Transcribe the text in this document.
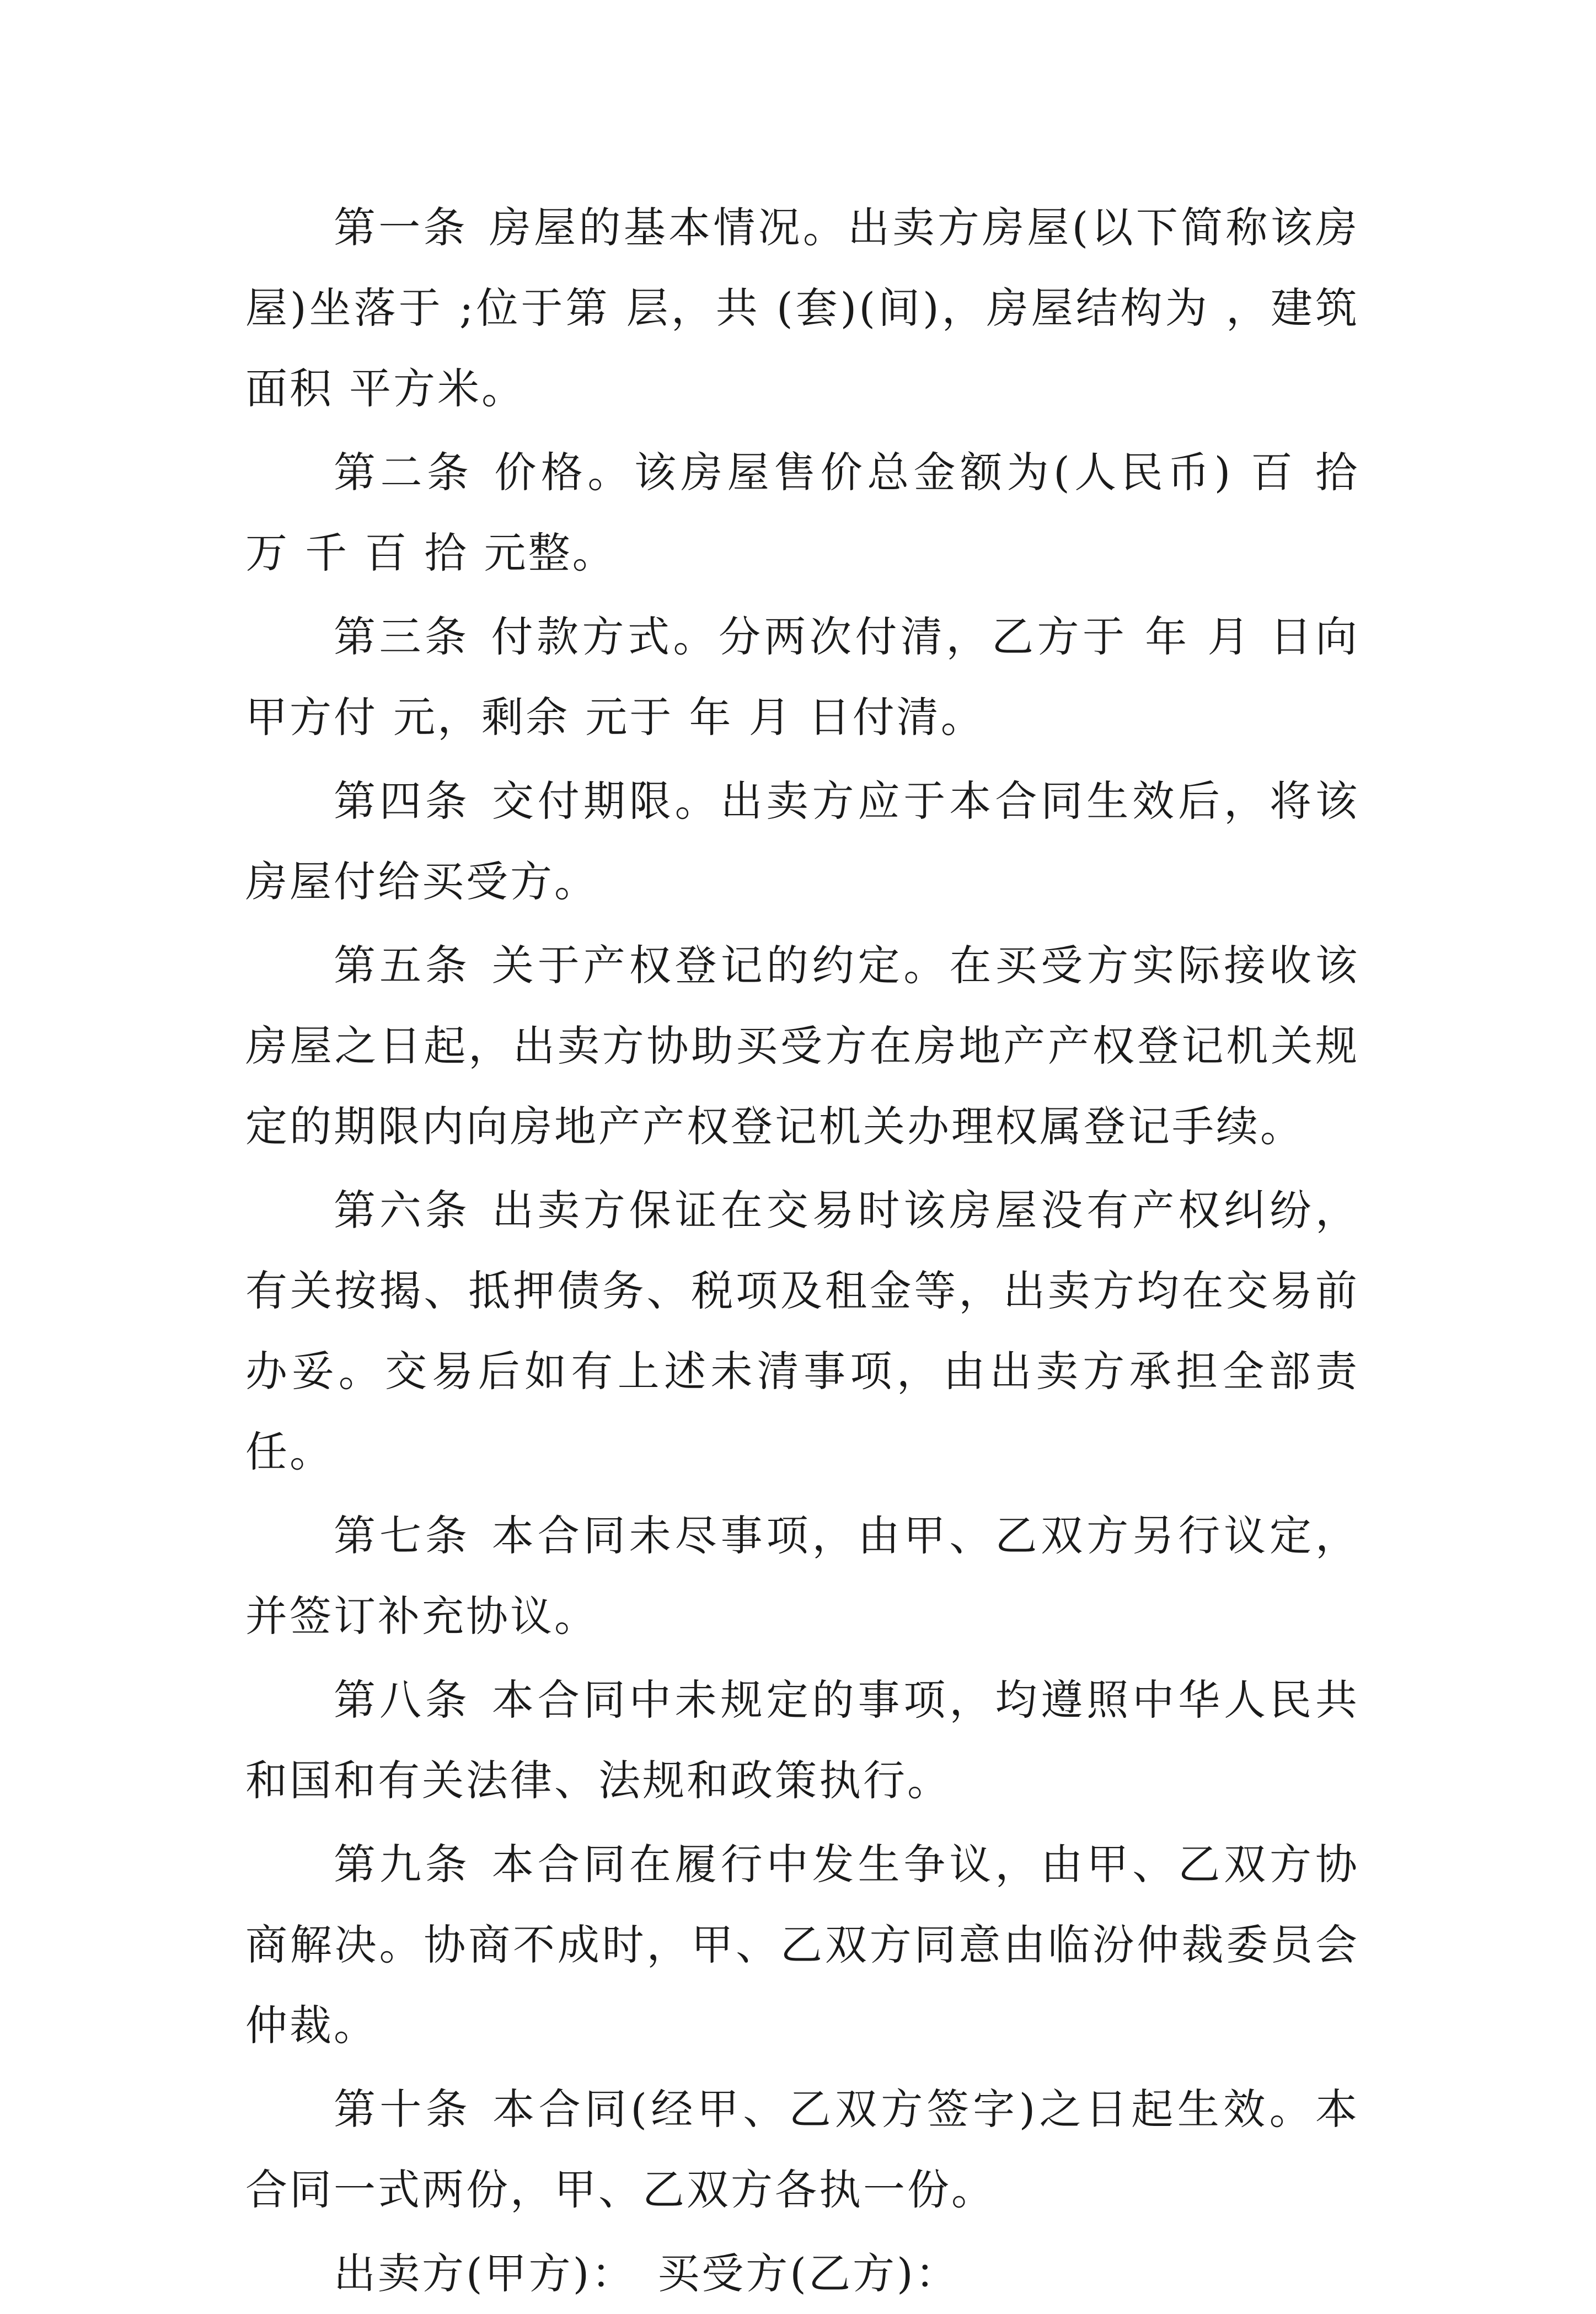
第一条 房屋的基本情况。出卖方房屋(以下简称该房屋)坐落于 ;位于第 层，共 (套)(间)，房屋结构为 ，建筑面积 平方米。

第二条 价格。该房屋售价总金额为(人民币) 百 拾 万 千 百 拾 元整。

第三条 付款方式。分两次付清，乙方于 年 月 日向甲方付 元，剩余 元于 年 月 日付清。

第四条 交付期限。出卖方应于本合同生效后，将该房屋付给买受方。

第五条 关于产权登记的约定。在买受方实际接收该房屋之日起，出卖方协助买受方在房地产产权登记机关规定的期限内向房地产产权登记机关办理权属登记手续。

第六条 出卖方保证在交易时该房屋没有产权纠纷，有关按揭、抵押债务、税项及租金等，出卖方均在交易前办妥。交易后如有上述未清事项，由出卖方承担全部责任。

第七条 本合同未尽事项，由甲、乙双方另行议定，并签订补充协议。

第八条 本合同中未规定的事项，均遵照中华人民共和国和有关法律、法规和政策执行。

第九条 本合同在履行中发生争议，由甲、乙双方协商解决。协商不成时，甲、乙双方同意由临汾仲裁委员会仲裁。

第十条 本合同(经甲、乙双方签字)之日起生效。本合同一式两份，甲、乙双方各执一份。

出卖方(甲方)： 买受方(乙方)：
